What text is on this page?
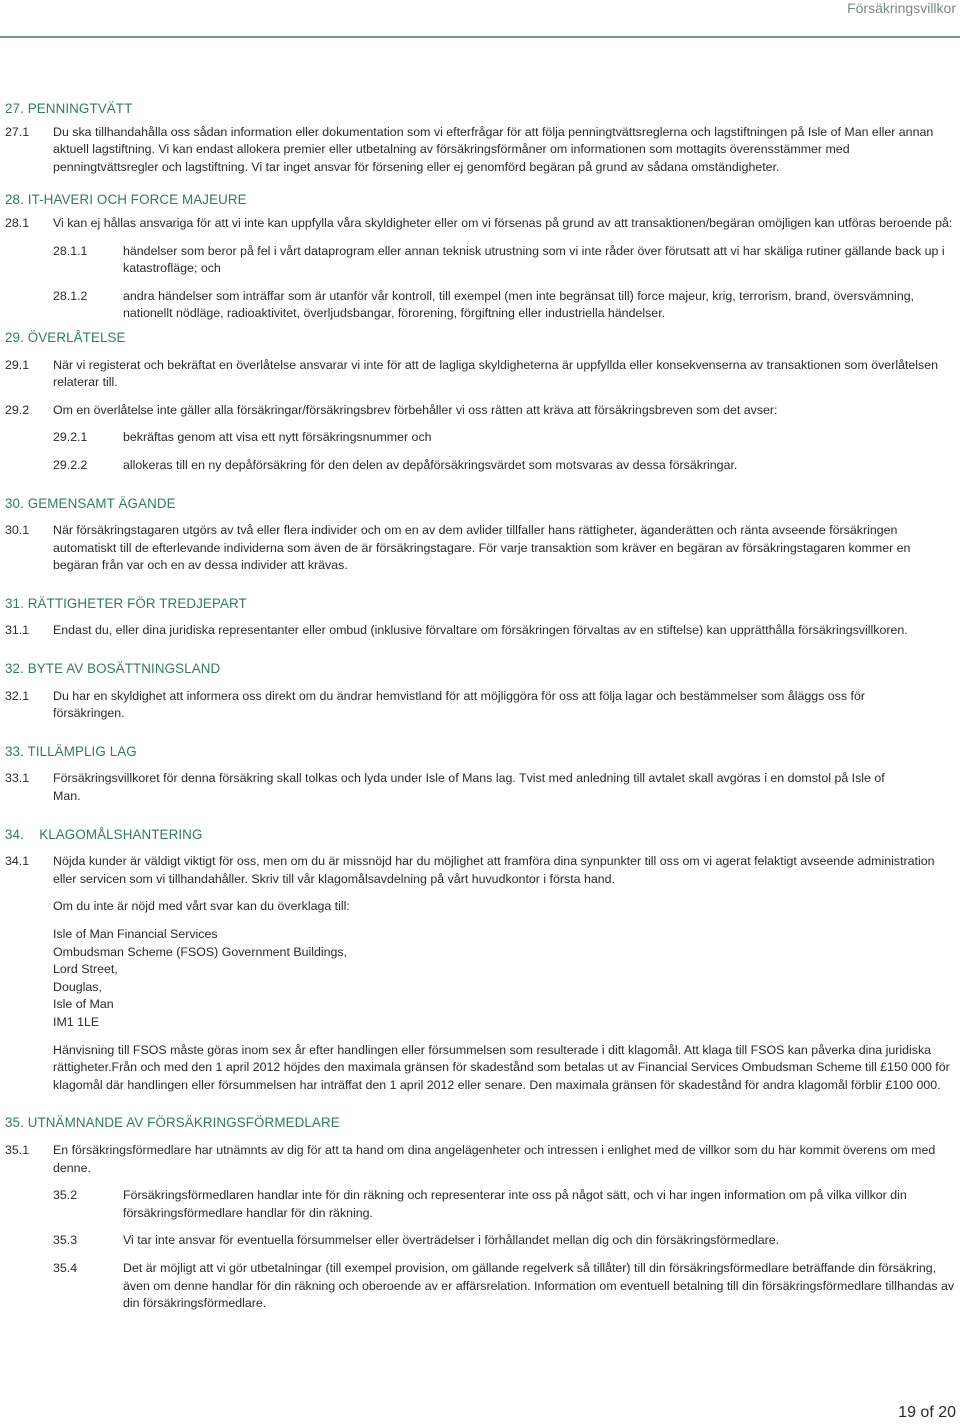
Försäkringsvillkor

27. PENNINGTVÄTT

27.1	Du ska tillhandahålla oss sådan information eller dokumentation som vi efterfrågar för att följa penningtvättsreglerna och lagstiftningen på Isle of Man eller annan aktuell lagstiftning. Vi kan endast allokera premier eller utbetalning av försäkringsförmåner om informationen som mottagits överensstämmer med penningtvättsregler och lagstiftning. Vi tar inget ansvar för försening eller ej genomförd begäran på grund av sådana omständigheter.

28. IT-HAVERI OCH FORCE MAJEURE

28.1	Vi kan ej hållas ansvariga för att vi inte kan uppfylla våra skyldigheter eller om vi försenas på grund av att transaktionen/begäran omöjligen kan utföras beroende på:
28.1.1	händelser som beror på fel i vårt dataprogram eller annan teknisk utrustning som vi inte råder över förutsatt att vi har skäliga rutiner gällande back up i katastrofläge; och
28.1.2	andra händelser som inträffar som är utanför vår kontroll, till exempel (men inte begränsat till) force majeur, krig, terrorism, brand, översvämning, nationellt nödläge, radioaktivitet, överljudsbangar, förorening, förgiftning eller industriella händelser.

29. ÖVERLÅTELSE

29.1	När vi registerat och bekräftat en överlåtelse ansvarar vi inte för att de lagliga skyldigheterna är uppfyllda eller konsekvenserna av transaktionen som överlåtelsen relaterar till.
29.2	Om en överlåtelse inte gäller alla försäkringar/försäkringsbrev förbehåller vi oss rätten att kräva att försäkringsbreven som det avser:
29.2.1	bekräftas genom att visa ett nytt försäkringsnummer och
29.2.2	allokeras till en ny depåförsäkring för den delen av depåförsäkringsvärdet som motsvaras av dessa försäkringar.

30. GEMENSAMT ÄGANDE

30.1	När försäkringstagaren utgörs av två eller flera individer och om en av dem avlider tillfaller hans rättigheter, äganderätten och ränta avseende försäkringen automatiskt till de efterlevande individerna som även de är försäkringstagare. För varje transaktion som kräver en begäran av försäkringstagaren kommer en begäran från var och en av dessa individer att krävas.

31. RÄTTIGHETER FÖR TREDJEPART

31.1	Endast du, eller dina juridiska representanter eller ombud (inklusive förvaltare om försäkringen förvaltas av en stiftelse) kan upprätthålla försäkringsvillkoren.

32. BYTE AV BOSÄTTNINGSLAND

32.1	Du har en skyldighet att informera oss direkt om du ändrar hemvistland för att möjliggöra för oss att följa lagar och bestämmelser som åläggs oss för försäkringen.

33. TILLÄMPLIG LAG

33.1	Försäkringsvillkoret för denna försäkring skall tolkas och lyda under Isle of Mans lag. Tvist med anledning till avtalet skall avgöras i en domstol på Isle of Man.

34.    KLAGOMÅLSHANTERING

34.1	Nöjda kunder är väldigt viktigt för oss, men om du är missnöjd har du möjlighet att framföra dina synpunkter till oss om vi agerat felaktigt avseende administration eller servicen som vi tillhandahåller. Skriv till vår klagomålsavdelning på vårt huvudkontor i första hand.
Om du inte är nöjd med vårt svar kan du överklaga till:
Isle of Man Financial Services
Ombudsman Scheme (FSOS) Government Buildings,
Lord Street,
Douglas,
Isle of Man
IM1 1LE
Hänvisning till FSOS måste göras inom sex år efter handlingen eller försummelsen som resulterade i ditt klagomål. Att klaga till FSOS kan påverka dina juridiska rättigheter.Från och med den 1 april 2012 höjdes den maximala gränsen för skadestånd som betalas ut av Financial Services Ombudsman Scheme till £150 000 för klagomål där handlingen eller försummelsen har inträffat den 1 april 2012 eller senare. Den maximala gränsen för skadestånd för andra klagomål förblir £100 000.

35. UTNÄMNANDE AV FÖRSÄKRINGSFÖRMEDLARE

35.1	En försäkringsförmedlare har utnämnts av dig för att ta hand om dina angelägenheter och intressen i enlighet med de villkor som du har kommit överens om med denne.
35.2	Försäkringsförmedlaren handlar inte för din räkning och representerar inte oss på något sätt, och vi har ingen information om på vilka villkor din försäkringsförmedlare handlar för din räkning.
35.3	Vi tar inte ansvar för eventuella försummelser eller överträdelser i förhållandet mellan dig och din försäkringsförmedlare.
35.4	Det är möjligt att vi gör utbetalningar (till exempel provision, om gällande regelverk så tillåter) till din försäkringsförmedlare beträffande din försäkring, även om denne handlar för din räkning och oberoende av er affärsrelation. Information om eventuell betalning till din försäkringsförmedlare tillhandas av din försäkringsförmedlare.
19 of 20
